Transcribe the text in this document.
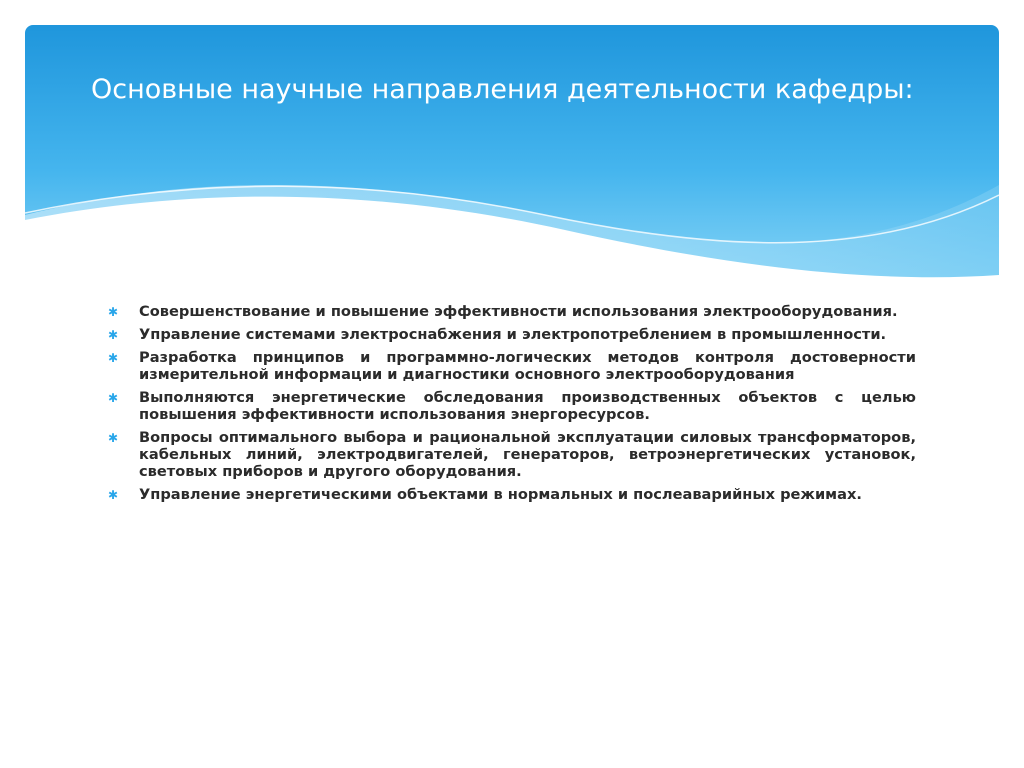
Основные научные направления деятельности кафедры:
✱ Совершенствование и повышение эффективности использования электрооборудования.
✱ Управление системами электроснабжения и электропотреблением в промышленности.
✱ Разработка принципов и программно-логических методов контроля достоверности измерительной информации и диагностики основного электрооборудования
✱ Выполняются энергетические обследования производственных объектов с целью повышения эффективности использования энергоресурсов.
✱ Вопросы оптимального выбора и рациональной эксплуатации силовых трансформаторов, кабельных линий, электродвигателей, генераторов, ветроэнергетических установок, световых приборов и другого оборудования.
✱ Управление энергетическими объектами в нормальных и послеаварийных режимах.
